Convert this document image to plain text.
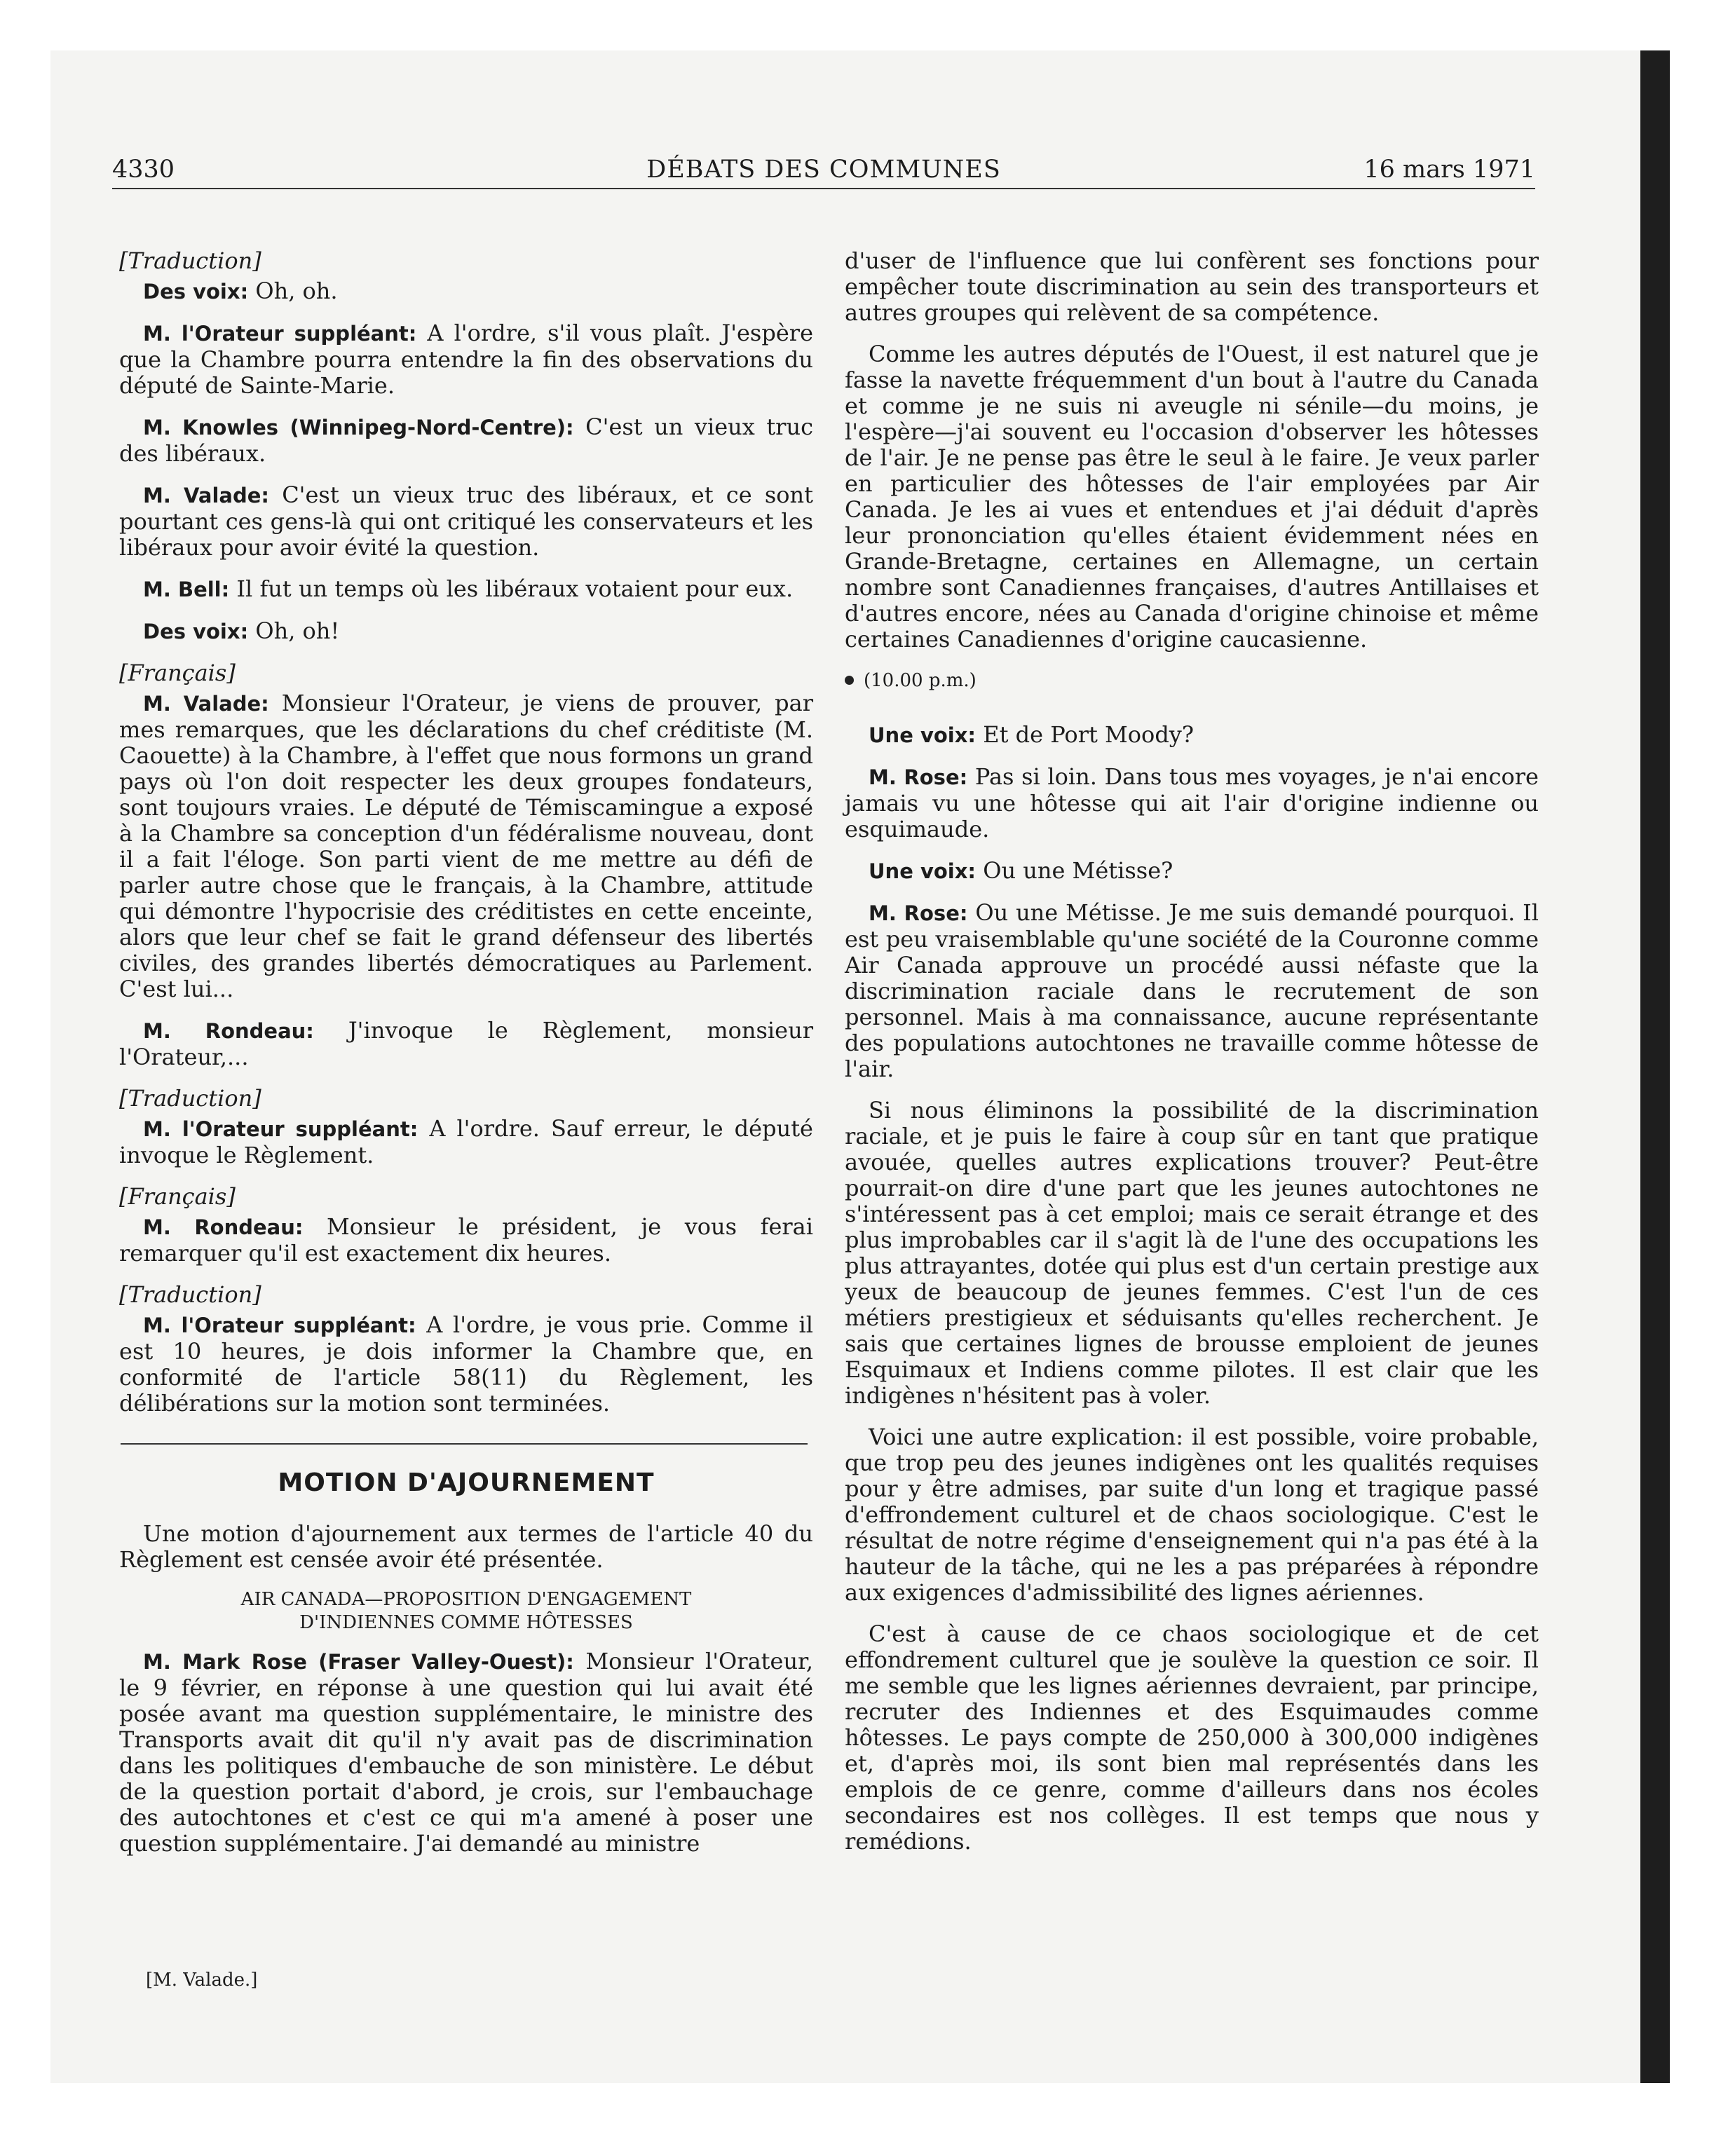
4330	DÉBATS DES COMMUNES	16 mars 1971

[Traduction]

Des voix: Oh, oh.

M. l'Orateur suppléant: A l'ordre, s'il vous plaît. J'espère que la Chambre pourra entendre la fin des observations du député de Sainte-Marie.

M. Knowles (Winnipeg-Nord-Centre): C'est un vieux truc des libéraux.

M. Valade: C'est un vieux truc des libéraux, et ce sont pourtant ces gens-là qui ont critiqué les conservateurs et les libéraux pour avoir évité la question.

M. Bell: Il fut un temps où les libéraux votaient pour eux.

Des voix: Oh, oh!

[Français]

M. Valade: Monsieur l'Orateur, je viens de prouver, par mes remarques, que les déclarations du chef créditiste (M. Caouette) à la Chambre, à l'effet que nous formons un grand pays où l'on doit respecter les deux groupes fondateurs, sont toujours vraies. Le député de Témiscamingue a exposé à la Chambre sa conception d'un fédéralisme nouveau, dont il a fait l'éloge. Son parti vient de me mettre au défi de parler autre chose que le français, à la Chambre, attitude qui démontre l'hypocrisie des créditistes en cette enceinte, alors que leur chef se fait le grand défenseur des libertés civiles, des grandes libertés démocratiques au Parlement. C'est lui...

M. Rondeau: J'invoque le Règlement, monsieur l'Orateur,...

[Traduction]

M. l'Orateur suppléant: A l'ordre. Sauf erreur, le député invoque le Règlement.

[Français]

M. Rondeau: Monsieur le président, je vous ferai remarquer qu'il est exactement dix heures.

[Traduction]

M. l'Orateur suppléant: A l'ordre, je vous prie. Comme il est 10 heures, je dois informer la Chambre que, en conformité de l'article 58(11) du Règlement, les délibérations sur la motion sont terminées.

MOTION D'AJOURNEMENT

Une motion d'ajournement aux termes de l'article 40 du Règlement est censée avoir été présentée.

AIR CANADA—PROPOSITION D'ENGAGEMENT
D'INDIENNES COMME HÔTESSES

M. Mark Rose (Fraser Valley-Ouest): Monsieur l'Orateur, le 9 février, en réponse à une question qui lui avait été posée avant ma question supplémentaire, le ministre des Transports avait dit qu'il n'y avait pas de discrimination dans les politiques d'embauche de son ministère. Le début de la question portait d'abord, je crois, sur l'embauchage des autochtones et c'est ce qui m'a amené à poser une question supplémentaire. J'ai demandé au ministre

[M. Valade.]

d'user de l'influence que lui confèrent ses fonctions pour empêcher toute discrimination au sein des transporteurs et autres groupes qui relèvent de sa compétence.

Comme les autres députés de l'Ouest, il est naturel que je fasse la navette fréquemment d'un bout à l'autre du Canada et comme je ne suis ni aveugle ni sénile—du moins, je l'espère—j'ai souvent eu l'occasion d'observer les hôtesses de l'air. Je ne pense pas être le seul à le faire. Je veux parler en particulier des hôtesses de l'air employées par Air Canada. Je les ai vues et entendues et j'ai déduit d'après leur prononciation qu'elles étaient évidemment nées en Grande-Bretagne, certaines en Allemagne, un certain nombre sont Canadiennes françaises, d'autres Antillaises et d'autres encore, nées au Canada d'origine chinoise et même certaines Canadiennes d'origine caucasienne.

(10.00 p.m.)

Une voix: Et de Port Moody?

M. Rose: Pas si loin. Dans tous mes voyages, je n'ai encore jamais vu une hôtesse qui ait l'air d'origine indienne ou esquimaude.

Une voix: Ou une Métisse?

M. Rose: Ou une Métisse. Je me suis demandé pourquoi. Il est peu vraisemblable qu'une société de la Couronne comme Air Canada approuve un procédé aussi néfaste que la discrimination raciale dans le recrutement de son personnel. Mais à ma connaissance, aucune représentante des populations autochtones ne travaille comme hôtesse de l'air.

Si nous éliminons la possibilité de la discrimination raciale, et je puis le faire à coup sûr en tant que pratique avouée, quelles autres explications trouver? Peut-être pourrait-on dire d'une part que les jeunes autochtones ne s'intéressent pas à cet emploi; mais ce serait étrange et des plus improbables car il s'agit là de l'une des occupations les plus attrayantes, dotée qui plus est d'un certain prestige aux yeux de beaucoup de jeunes femmes. C'est l'un de ces métiers prestigieux et séduisants qu'elles recherchent. Je sais que certaines lignes de brousse emploient de jeunes Esquimaux et Indiens comme pilotes. Il est clair que les indigènes n'hésitent pas à voler.

Voici une autre explication: il est possible, voire probable, que trop peu des jeunes indigènes ont les qualités requises pour y être admises, par suite d'un long et tragique passé d'effrondement culturel et de chaos sociologique. C'est le résultat de notre régime d'enseignement qui n'a pas été à la hauteur de la tâche, qui ne les a pas préparées à répondre aux exigences d'admissibilité des lignes aériennes.

C'est à cause de ce chaos sociologique et de cet effondrement culturel que je soulève la question ce soir. Il me semble que les lignes aériennes devraient, par principe, recruter des Indiennes et des Esquimaudes comme hôtesses. Le pays compte de 250,000 à 300,000 indigènes et, d'après moi, ils sont bien mal représentés dans les emplois de ce genre, comme d'ailleurs dans nos écoles secondaires est nos collèges. Il est temps que nous y remédions.
